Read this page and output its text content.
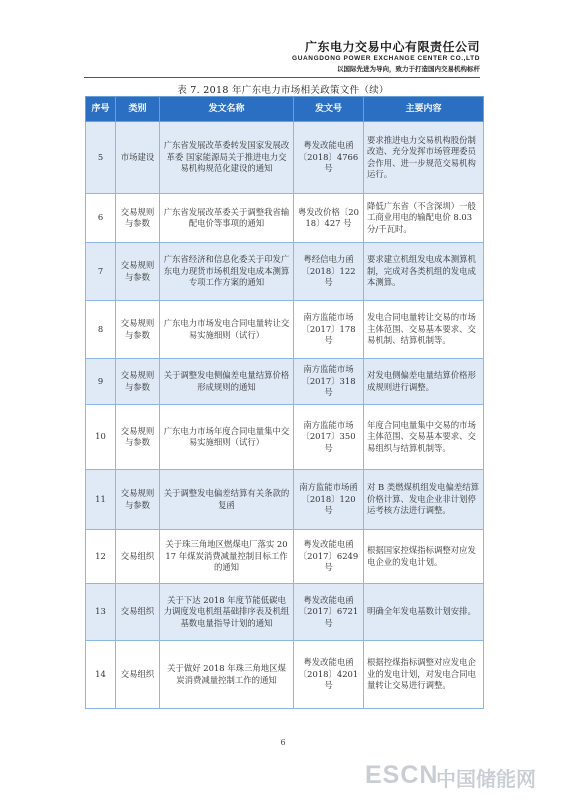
广东电力交易中心有限责任公司
GUANGDONG POWER EXCHANGE CENTER CO.,LTD
以国际先进为导向，致力于打造国内交易机构标杆
表 7. 2018 年广东电力市场相关政策文件（续）
序号	类别	发文名称	发文号	主要内容
5	市场建设	广东省发展改革委转发国家发展改革委 国家能源局关于推进电力交易机构规范化建设的通知	粤发改能电函〔2018〕4766 号	要求推进电力交易机构股份制改造、充分发挥市场管理委员会作用、进一步规范交易机构运行。
6	交易规则与参数	广东省发展改革委关于调整我省输配电价等事项的通知	粤发改价格〔2018〕427 号	降低广东省（不含深圳）一般工商业用电的输配电价 8.03 分/千瓦时。
7	交易规则与参数	广东省经济和信息化委关于印发广东电力现货市场机组发电成本测算专项工作方案的通知	粤经信电力函〔2018〕122 号	要求建立机组发电成本测算机制，完成对各类机组的发电成本测算。
8	交易规则与参数	广东电力市场发电合同电量转让交易实施细则（试行）	南方监能市场〔2017〕178 号	发电合同电量转让交易的市场主体范围、交易基本要求、交易机制、结算机制等。
9	交易规则与参数	关于调整发电侧偏差电量结算价格形成规则的通知	南方监能市场〔2017〕318 号	对发电侧偏差电量结算价格形成规则进行调整。
10	交易规则与参数	广东电力市场年度合同电量集中交易实施细则（试行）	南方监能市场〔2017〕350 号	年度合同电量集中交易的市场主体范围、交易基本要求、交易组织与结算机制等。
11	交易规则与参数	关于调整发电偏差结算有关条款的复函	南方监能市场函〔2018〕120 号	对 B 类燃煤机组发电偏差结算价格计算、发电企业非计划停运考核方法进行调整。
12	交易组织	关于珠三角地区燃煤电厂落实 2017 年煤炭消费减量控制目标工作的通知	粤发改能电函〔2017〕6249 号	根据国家控煤指标调整对应发电企业的发电计划。
13	交易组织	关于下达 2018 年度节能低碳电力调度发电机组基础排序表及机组基数电量指导计划的通知	粤发改能电函〔2017〕6721 号	明确全年发电基数计划安排。
14	交易组织	关于做好 2018 年珠三角地区煤炭消费减量控制工作的通知	粤发改能电函〔2018〕4201 号	根据控煤指标调整对应发电企业的发电计划，对发电合同电量转让交易进行调整。
6
ESCN
中国储能网
